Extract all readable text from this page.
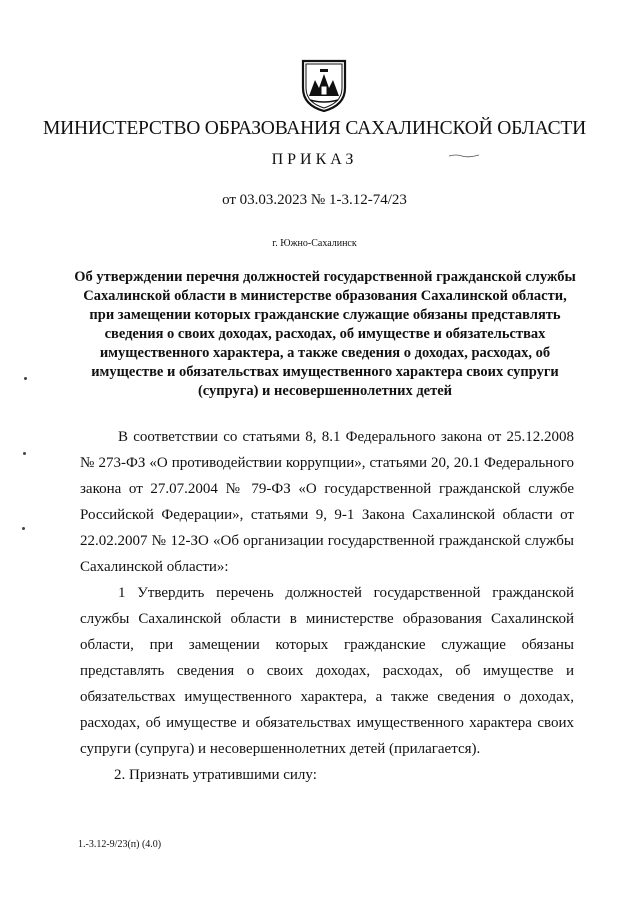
МИНИСТЕРСТВО ОБРАЗОВАНИЯ САХАЛИНСКОЙ ОБЛАСТИ
ПРИКАЗ
от 03.03.2023 № 1-3.12-74/23
г. Южно-Сахалинск
Об утверждении перечня должностей государственной гражданской службы Сахалинской области в министерстве образования Сахалинской области, при замещении которых гражданские служащие обязаны представлять сведения о своих доходах, расходах, об имуществе и обязательствах имущественного характера, а также сведения о доходах, расходах, об имуществе и обязательствах имущественного характера своих супруги (супруга) и несовершеннолетних детей

В соответствии со статьями 8, 8.1 Федерального закона от 25.12.2008 № 273-ФЗ «О противодействии коррупции», статьями 20, 20.1 Федерального закона от 27.07.2004 № 79-ФЗ «О государственной гражданской службе Российской Федерации», статьями 9, 9-1 Закона Сахалинской области от 22.02.2007 № 12-ЗО «Об организации государственной гражданской службы Сахалинской области»:

1 Утвердить перечень должностей государственной гражданской службы Сахалинской области в министерстве образования Сахалинской области, при замещении которых гражданские служащие обязаны представлять сведения о своих доходах, расходах, об имуществе и обязательствах имущественного характера, а также сведения о доходах, расходах, об имуществе и обязательствах имущественного характера своих супруги (супруга) и несовершеннолетних детей (прилагается).

2. Признать утратившими силу:

1.-3.12-9/23(п) (4.0)
